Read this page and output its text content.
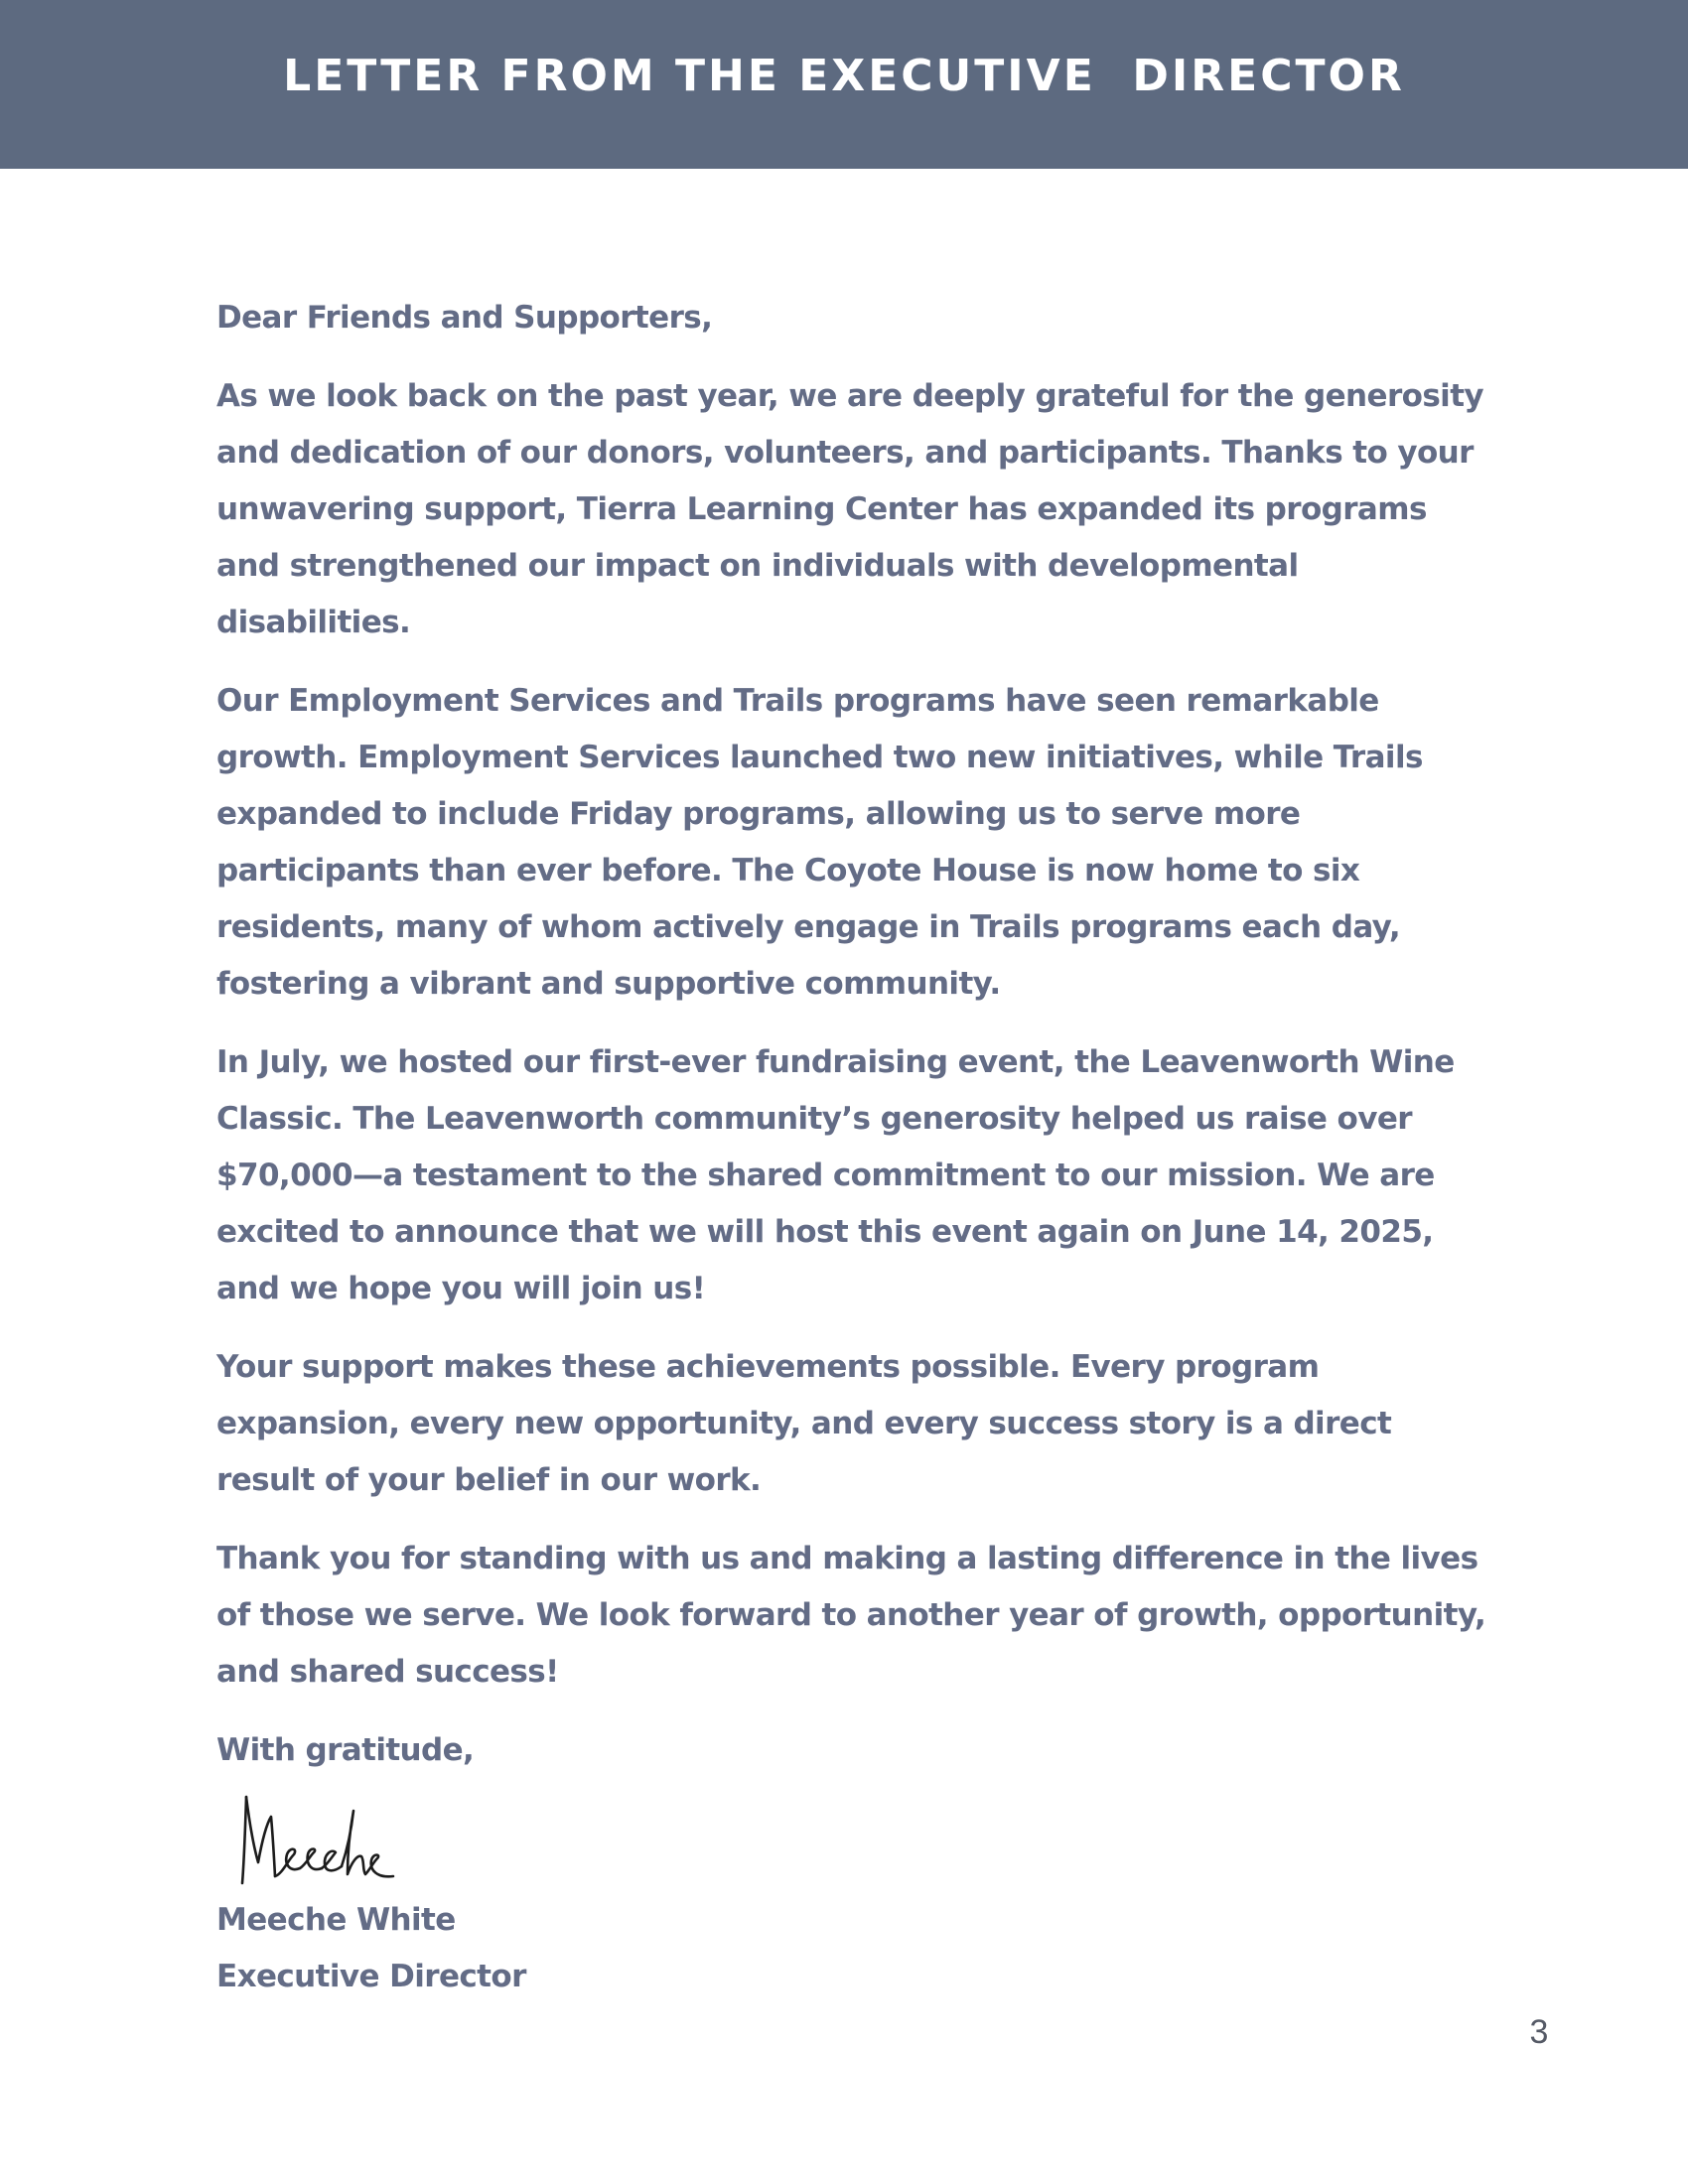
LETTER FROM THE EXECUTIVE  DIRECTOR

Dear Friends and Supporters,

As we look back on the past year, we are deeply grateful for the generosity and dedication of our donors, volunteers, and participants. Thanks to your unwavering support, Tierra Learning Center has expanded its programs and strengthened our impact on individuals with developmental disabilities.

Our Employment Services and Trails programs have seen remarkable growth. Employment Services launched two new initiatives, while Trails expanded to include Friday programs, allowing us to serve more participants than ever before. The Coyote House is now home to six residents, many of whom actively engage in Trails programs each day, fostering a vibrant and supportive community.

In July, we hosted our first-ever fundraising event, the Leavenworth Wine Classic. The Leavenworth community’s generosity helped us raise over $70,000—a testament to the shared commitment to our mission. We are excited to announce that we will host this event again on June 14, 2025, and we hope you will join us!

Your support makes these achievements possible. Every program expansion, every new opportunity, and every success story is a direct result of your belief in our work.

Thank you for standing with us and making a lasting difference in the lives of those we serve. We look forward to another year of growth, opportunity, and shared success!

With gratitude,

Meeche White

Executive Director

3
